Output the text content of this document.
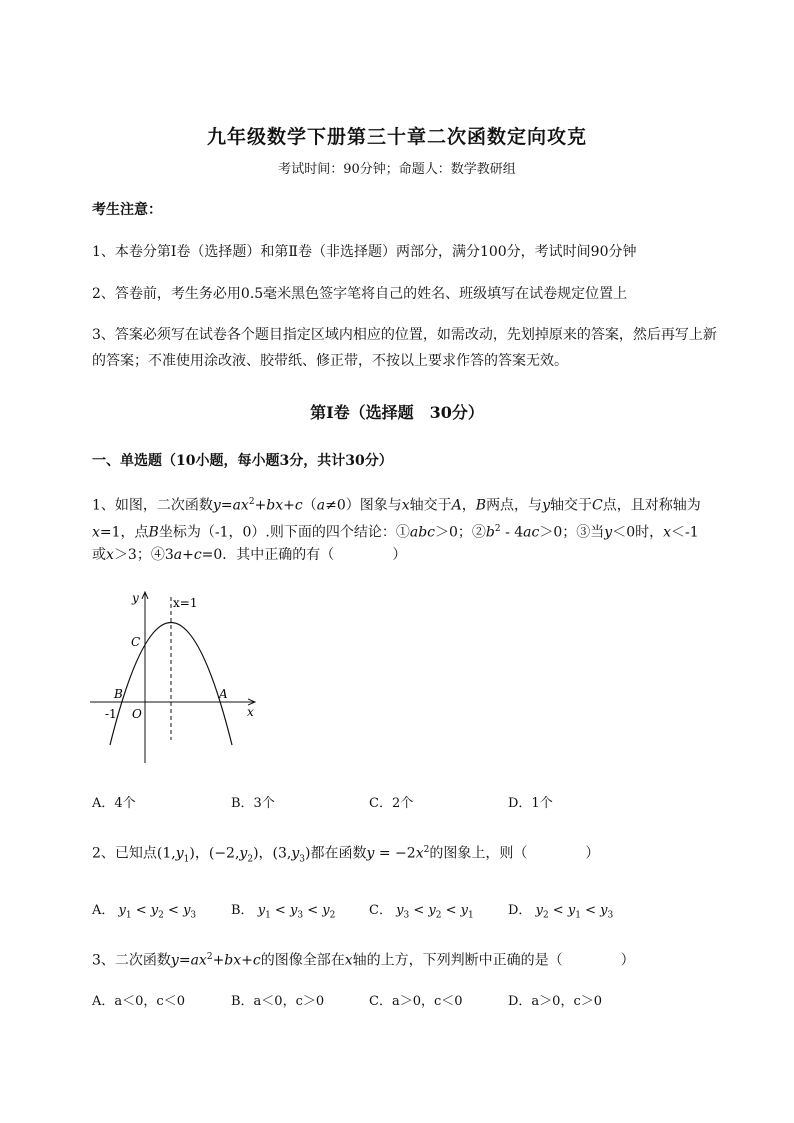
九年级数学下册第三十章二次函数定向攻克
考试时间：90分钟；命题人：数学教研组
考生注意：
1、本卷分第I卷（选择题）和第Ⅱ卷（非选择题）两部分，满分100分，考试时间90分钟
2、答卷前，考生务必用0.5毫米黑色签字笔将自己的姓名、班级填写在试卷规定位置上
3、答案必须写在试卷各个题目指定区域内相应的位置，如需改动，先划掉原来的答案，然后再写上新
的答案；不准使用涂改液、胶带纸、修正带，不按以上要求作答的答案无效。
第I卷（选择题　30分）
一、单选题（10小题，每小题3分，共计30分）
1、如图，二次函数$y=ax^2+bx+c(a\ne 0)$图象与x轴交于A，B两点，与y轴交于C点，且对称轴为
x=1，点B坐标为（-1，0）.则下面的四个结论：①abc＞0；$②b^2 - 4ac>0$；③当y＜0时，x＜-1
或x＞3；④3a+c=0．其中正确的有（	）
y
x
x=1
C
B	A
O
-1
A．4个	B．3个	C．2个	D．1个
2、已知点$(1,y_1)$，$(-2,y_2)$，$(3,y_3)$都在函数$y = -2x^2$的图象上，则（	）
A． $y_1 < y_2 < y_3$	B． $y_1 < y_3 < y_2$	C． $y_3 < y_2 < y_1$	D． $y_2 < y_1 < y_3$
3、二次函数$y=ax^2+bx+c$的图像全部在x轴的上方，下列判断中正确的是（	）
A．a＜0，c＜0	B．a＜0，c＞0	C．a＞0，c＜0	D．a＞0，c＞0
